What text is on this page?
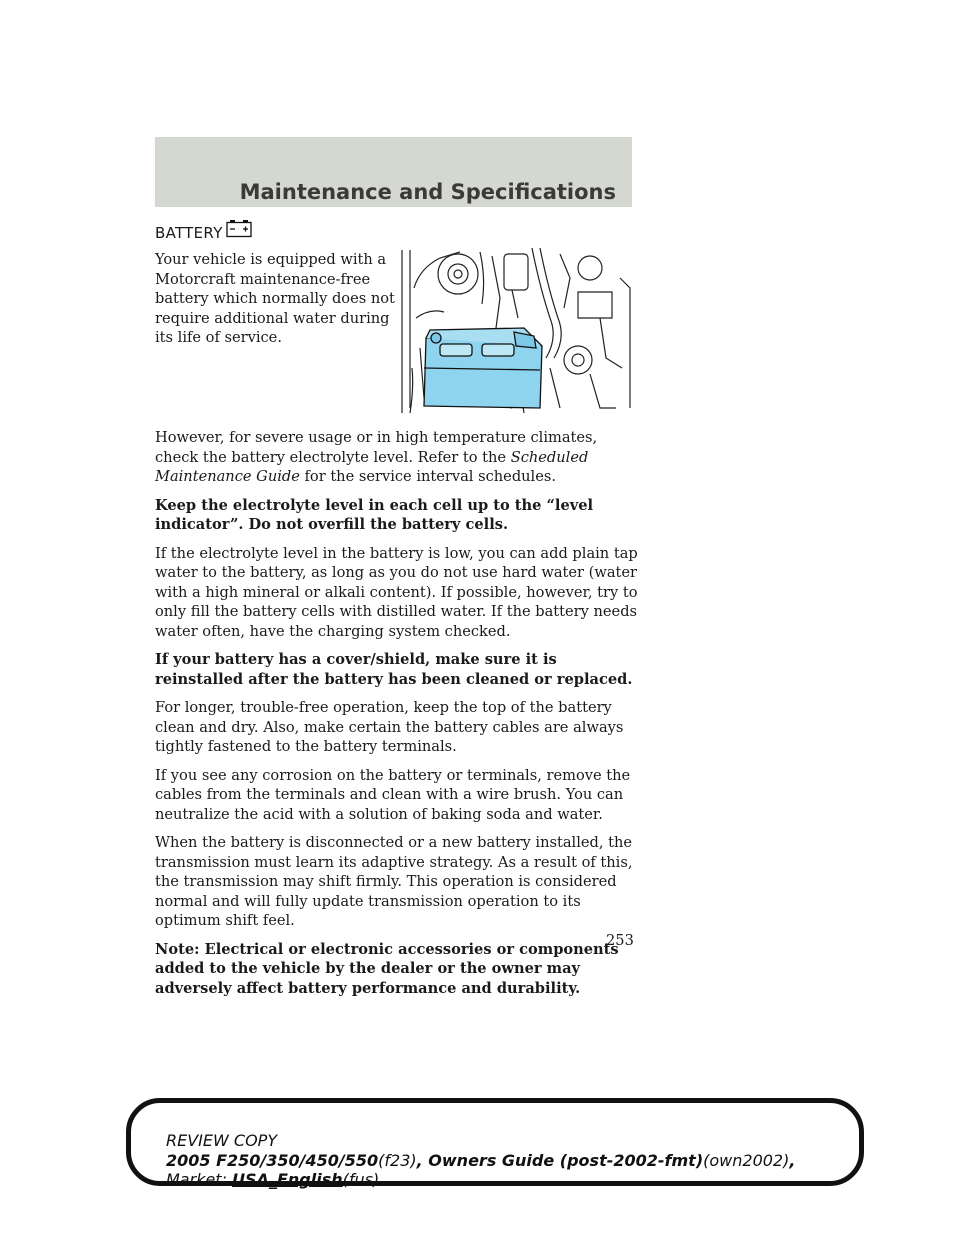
Maintenance and Specifications
BATTERY

Your vehicle is equipped with a Motorcraft maintenance-free battery which normally does not require additional water during its life of service.

However, for severe usage or in high temperature climates, check the battery electrolyte level. Refer to the Scheduled Maintenance Guide for the service interval schedules.

Keep the electrolyte level in each cell up to the “level indicator”. Do not overfill the battery cells.

If the electrolyte level in the battery is low, you can add plain tap water to the battery, as long as you do not use hard water (water with a high mineral or alkali content). If possible, however, try to only fill the battery cells with distilled water. If the battery needs water often, have the charging system checked.

If your battery has a cover/shield, make sure it is reinstalled after the battery has been cleaned or replaced.

For longer, trouble-free operation, keep the top of the battery clean and dry. Also, make certain the battery cables are always tightly fastened to the battery terminals.

If you see any corrosion on the battery or terminals, remove the cables from the terminals and clean with a wire brush. You can neutralize the acid with a solution of baking soda and water.

When the battery is disconnected or a new battery installed, the transmission must learn its adaptive strategy. As a result of this, the transmission may shift firmly. This operation is considered normal and will fully update transmission operation to its optimum shift feel.

Note: Electrical or electronic accessories or components added to the vehicle by the dealer or the owner may adversely affect battery performance and durability.

253
REVIEW COPY
2005 F250/350/450/550(f23), Owners Guide (post-2002-fmt)(own2002),
Market: USA_English(fus)
